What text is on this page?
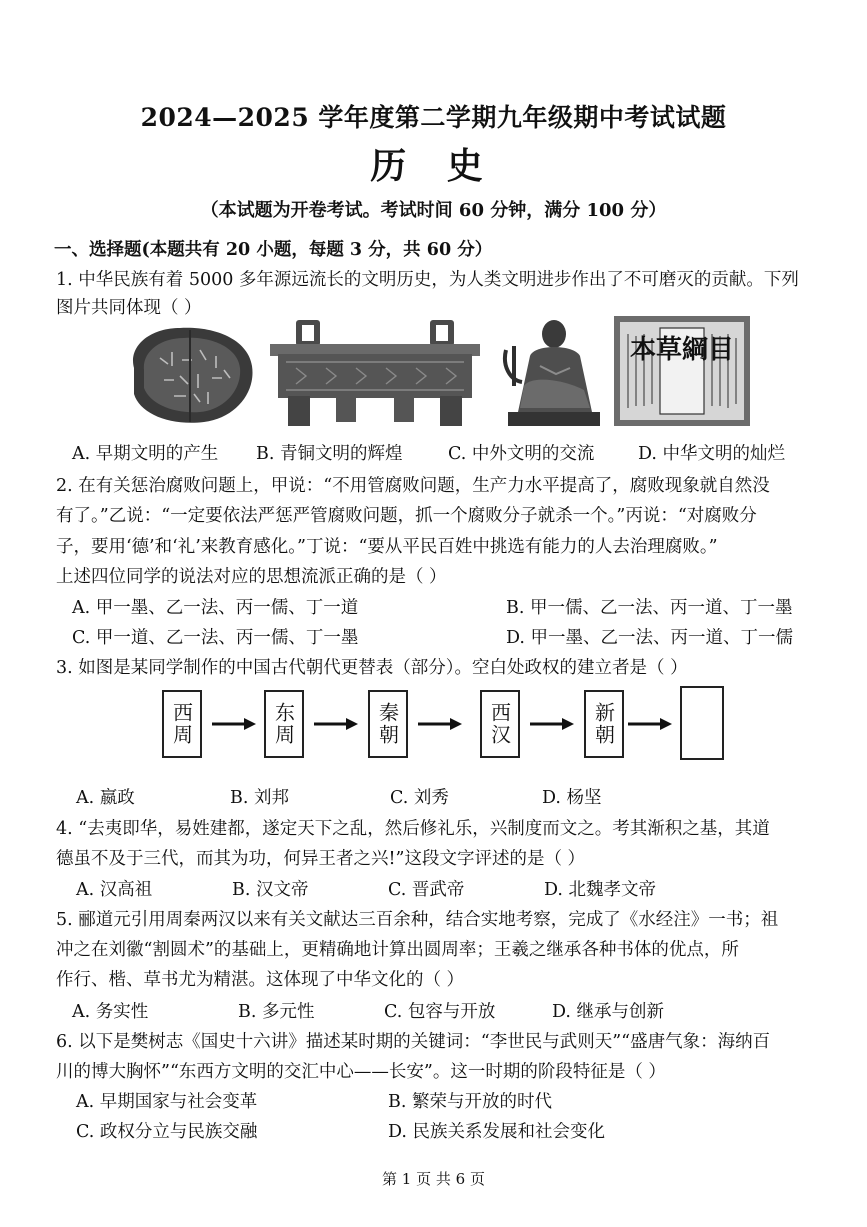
2024—2025 学年度第二学期九年级期中考试试题
历 史
（本试题为开卷考试。考试时间 60 分钟，满分 100 分）
一、选择题(本题共有 20 小题，每题 3 分，共 60 分）
1. 中华民族有着 5000 多年源远流长的文明历史，为人类文明进步作出了不可磨灭的贡献。下列
图片共同体现（ ）
本草綱目
A. 早期文明的产生 B. 青铜文明的辉煌	C. 中外文明的交流 D. 中华文明的灿烂
2. 在有关惩治腐败问题上，甲说：“不用管腐败问题，生产力水平提高了，腐败现象就自然没
有了。”乙说：“一定要依法严惩严管腐败问题，抓一个腐败分子就杀一个。”丙说：“对腐败分
子，要用‘德’和‘礼’来教育感化。”丁说：“要从平民百姓中挑选有能力的人去治理腐败。”
上述四位同学的说法对应的思想流派正确的是（ ）
A. 甲一墨、乙一法、丙一儒、丁一道	B. 甲一儒、乙一法、丙一道、丁一墨
C. 甲一道、乙一法、丙一儒、丁一墨	D. 甲一墨、乙一法、丙一道、丁一儒
3. 如图是某同学制作的中国古代朝代更替表（部分）。空白处政权的建立者是（ ）
西周	东周	秦朝	西汉	新朝
A. 嬴政	B. 刘邦	C. 刘秀	D. 杨坚
4. “去夷即华，易姓建都，遂定天下之乱，然后修礼乐，兴制度而文之。考其渐积之基，其道
德虽不及于三代，而其为功，何异王者之兴!”这段文字评述的是（ ）
A. 汉高祖	B. 汉文帝	C. 晋武帝	D. 北魏孝文帝
5. 郦道元引用周秦两汉以来有关文献达三百余种，结合实地考察，完成了《水经注》一书；祖
冲之在刘徽“割圆术”的基础上，更精确地计算出圆周率；王羲之继承各种书体的优点，所
作行、楷、草书尤为精湛。这体现了中华文化的（ ）
A. 务实性	B. 多元性	C. 包容与开放	D. 继承与创新
6. 以下是樊树志《国史十六讲》描述某时期的关键词：“李世民与武则天”“盛唐气象：海纳百
川的博大胸怀”“东西方文明的交汇中心——长安”。这一时期的阶段特征是（ ）
A. 早期国家与社会变革	B. 繁荣与开放的时代
C. 政权分立与民族交融	D. 民族关系发展和社会变化
第 1 页 共 6 页
